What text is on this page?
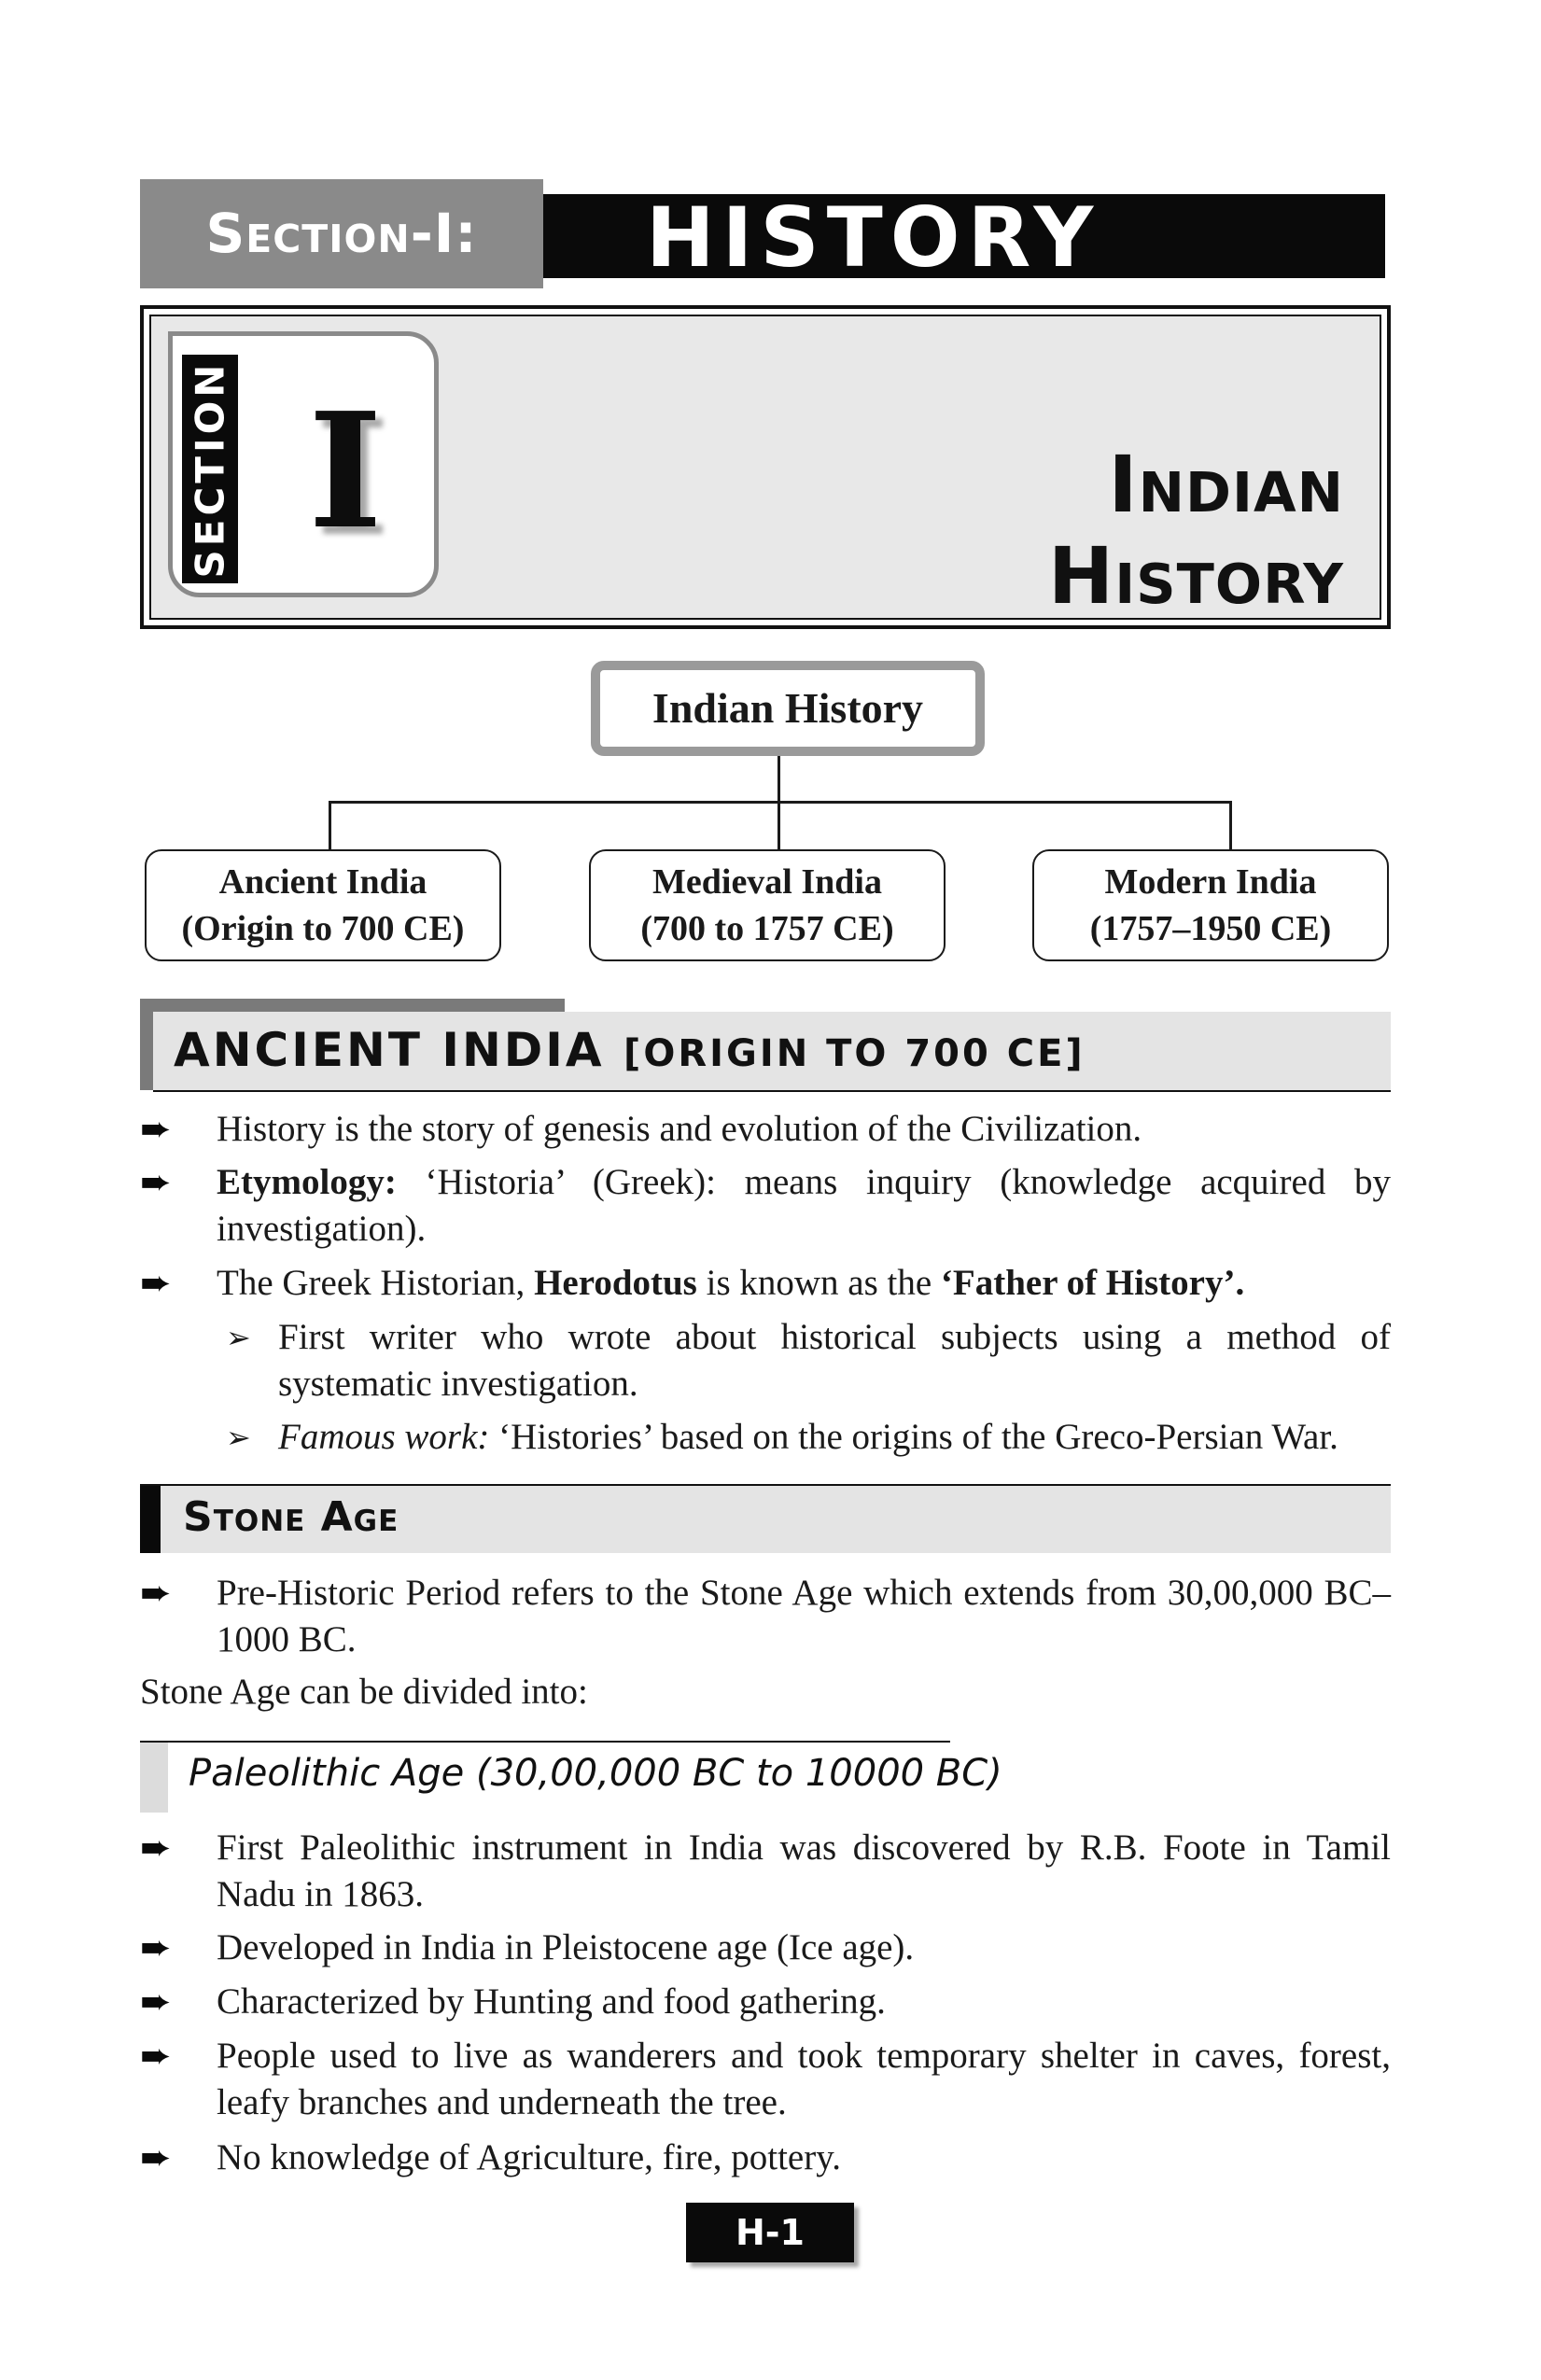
Section-I:	HISTORY
SECTION I	Indian History
Indian History
Ancient India
(Origin to 700 CE)
Medieval India
(700 to 1757 CE)
Modern India
(1757–1950 CE)
ANCIENT INDIA [ORIGIN TO 700 CE]
➨ History is the story of genesis and evolution of the Civilization.
➨ Etymology: ‘Historia’ (Greek): means inquiry (knowledge acquired by investigation).
➨ The Greek Historian, Herodotus is known as the ‘Father of History’.
➢ First writer who wrote about historical subjects using a method of systematic investigation.
➢ Famous work: ‘Histories’ based on the origins of the Greco-Persian War.
Stone Age
➨ Pre-Historic Period refers to the Stone Age which extends from 30,00,000 BC–1000 BC.
Stone Age can be divided into:
Paleolithic Age (30,00,000 BC to 10000 BC)
➨ First Paleolithic instrument in India was discovered by R.B. Foote in Tamil Nadu in 1863.
➨ Developed in India in Pleistocene age (Ice age).
➨ Characterized by Hunting and food gathering.
➨ People used to live as wanderers and took temporary shelter in caves, forest, leafy branches and underneath the tree.
➨ No knowledge of Agriculture, fire, pottery.
H-1
